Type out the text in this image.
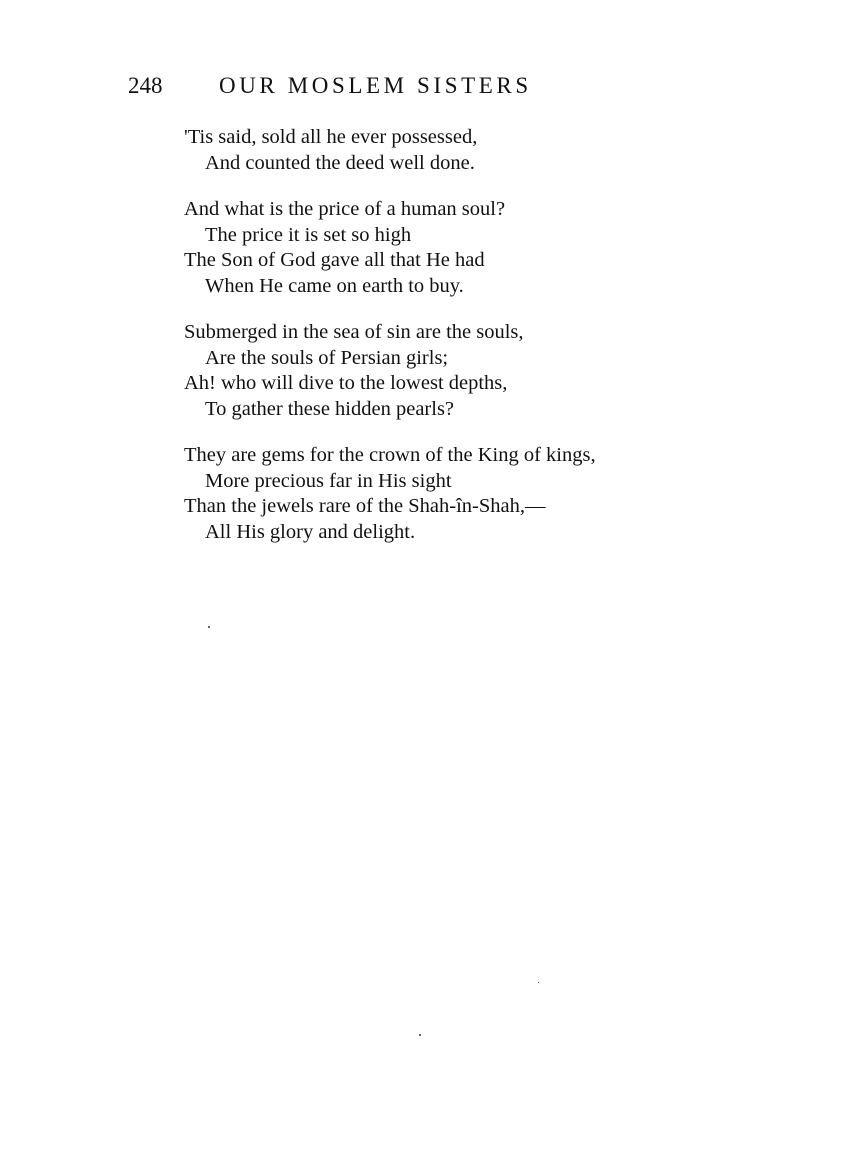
248 OUR MOSLEM SISTERS
'Tis said, sold all he ever possessed,
And counted the deed well done.
And what is the price of a human soul?
The price it is set so high
The Son of God gave all that He had
When He came on earth to buy.
Submerged in the sea of sin are the souls,
Are the souls of Persian girls;
Ah! who will dive to the lowest depths,
To gather these hidden pearls?
They are gems for the crown of the King of kings,
More precious far in His sight
Than the jewels rare of the Shah-în-Shah,—
All His glory and delight.
